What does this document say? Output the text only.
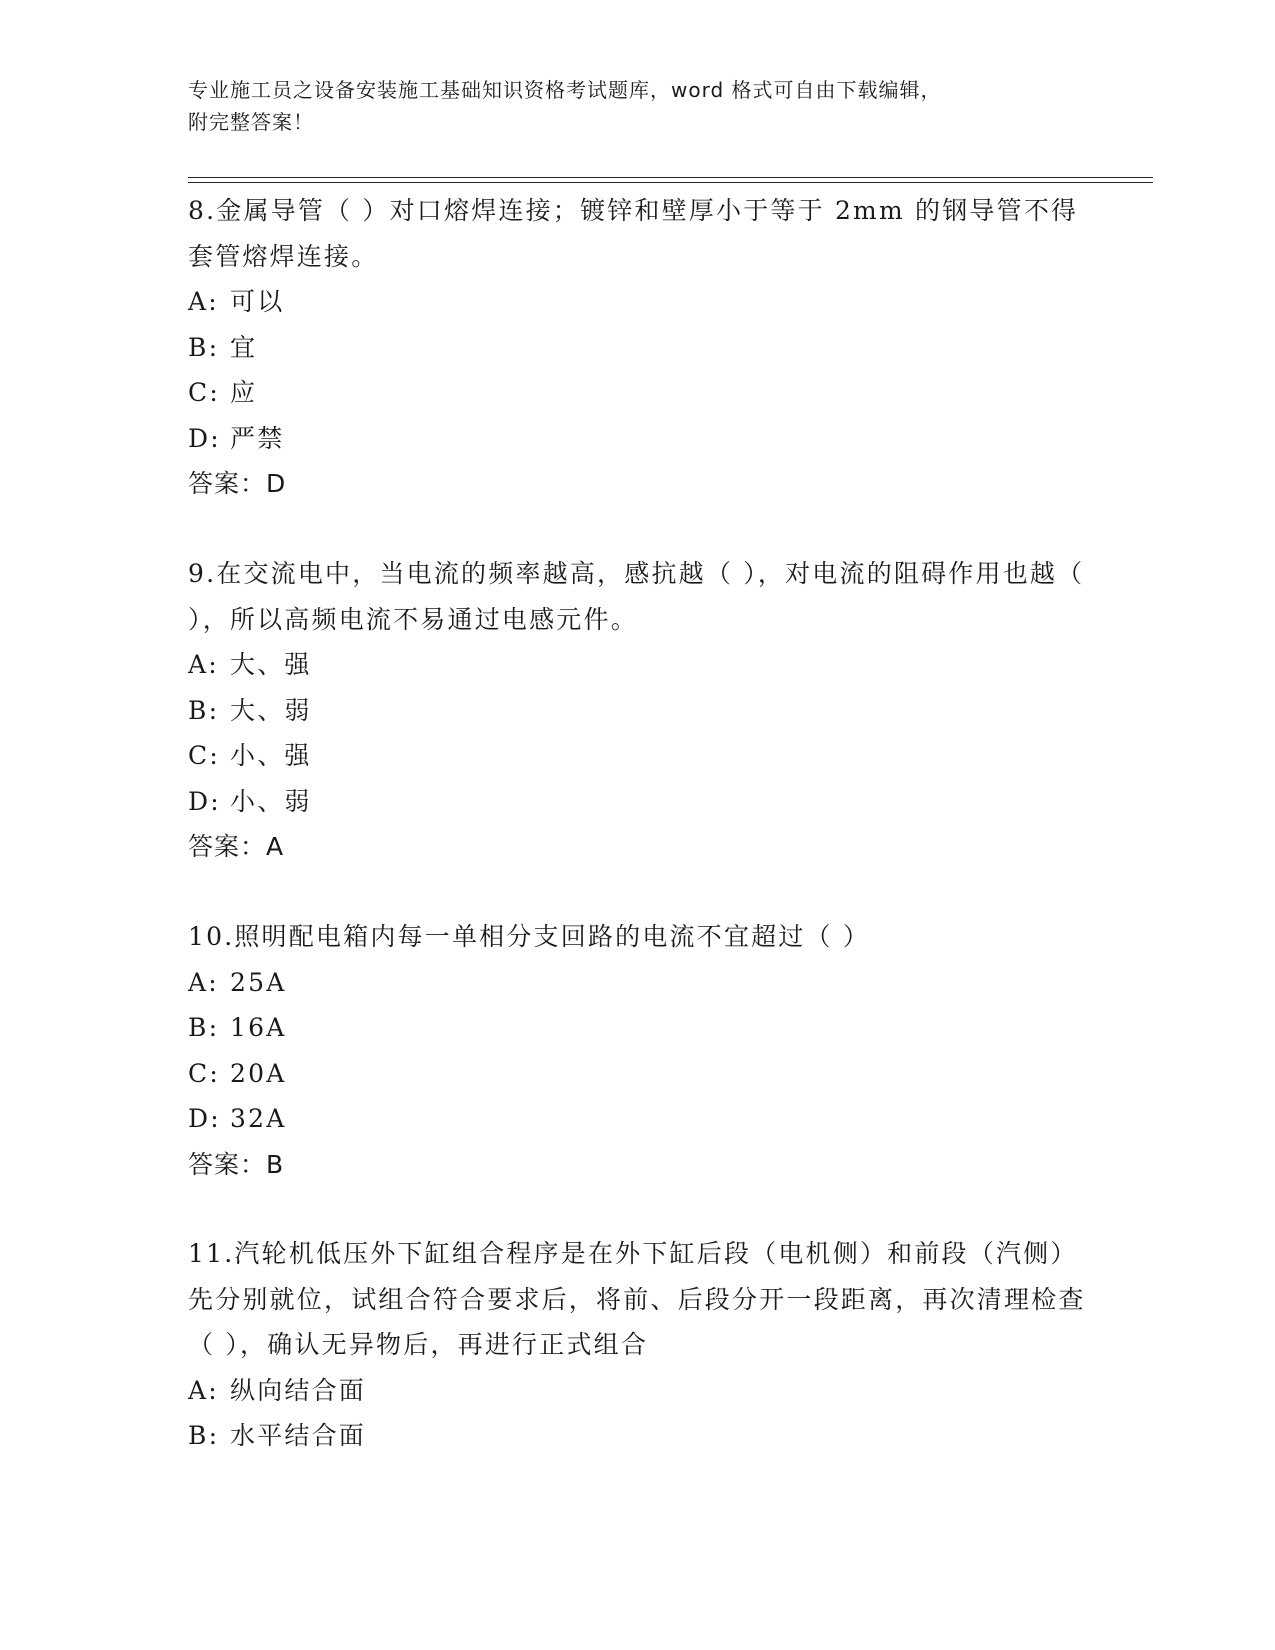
专业施工员之设备安装施工基础知识资格考试题库，word 格式可自由下载编辑，
附完整答案！
8.金属导管（ ）对口熔焊连接；镀锌和壁厚小于等于 2mm 的钢导管不得套管熔焊连接。
A: 可以
B: 宜
C: 应
D: 严禁
答案：D
9.在交流电中，当电流的频率越高，感抗越（ ），对电流的阻碍作用也越（ ），所以高频电流不易通过电感元件。
A: 大、强
B: 大、弱
C: 小、强
D: 小、弱
答案：A
10.照明配电箱内每一单相分支回路的电流不宜超过（ ）
A: 25A
B: 16A
C: 20A
D: 32A
答案：B
11.汽轮机低压外下缸组合程序是在外下缸后段（电机侧）和前段（汽侧）先分别就位，试组合符合要求后，将前、后段分开一段距离，再次清理检查（ ），确认无异物后，再进行正式组合
A: 纵向结合面
B: 水平结合面
